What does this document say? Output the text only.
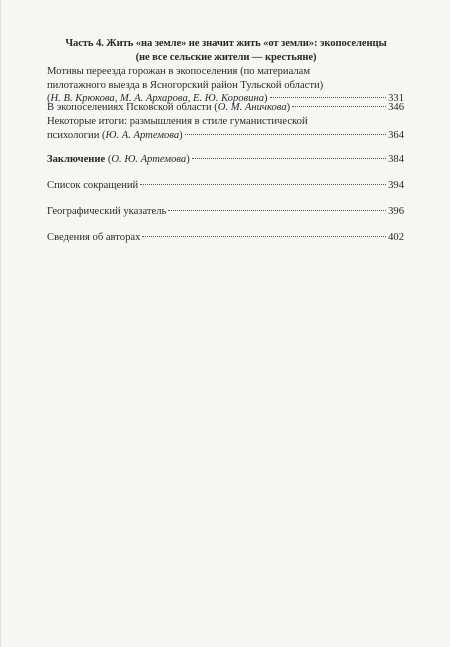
Часть 4. Жить «на земле» не значит жить «от земли»: экопоселенцы
(не все сельские жители — крестьяне)
Мотивы переезда горожан в экопоселения (по материалам
пилотажного выезда в Ясногорский район Тульской области)
(Н. В. Крюкова, М. А. Архарова, Е. Ю. Коровина)	331
В экопоселениях Псковской области (О. М. Аничкова)	346
Некоторые итоги: размышления в стиле гуманистической
психологии (Ю. А. Артемова)	364
Заключение (О. Ю. Артемова)	384
Список сокращений	394
Географический указатель	396
Сведения об авторах	402
